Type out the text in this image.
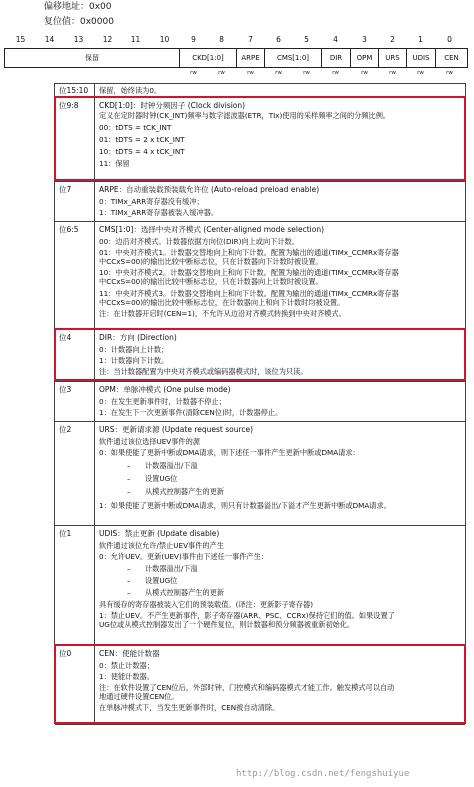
偏移地址：0x00
复位值：0x0000
15	14	13	12	11	10	9	8	7	6	5	4	3	2	1	0
保留	CKD[1:0]	ARPE	CMS[1:0]	DIR	OPM	URS	UDIS	CEN
rw	rw	rw	rw	rw	rw	rw	rw	rw	rw
位15:10 保留，始终读为0。
位9:8	CKD[1:0]：时钟分频因子 (Clock division)
定义在定时器时钟(CK_INT)频率与数字滤波器(ETR，TIx)使用的采样频率之间的分频比例。
00：tDTS = tCK_INT
01：tDTS = 2 x tCK_INT
10：tDTS = 4 x tCK_INT
11：保留
位7	ARPE：自动重装载预装载允许位 (Auto-reload preload enable)
0：TIMx_ARR寄存器没有缓冲；
1：TIMx_ARR寄存器被装入缓冲器。
位6:5	CMS[1:0]：选择中央对齐模式 (Center-aligned mode selection)
00：边沿对齐模式。计数器依据方向位(DIR)向上或向下计数。
01：中央对齐模式1。计数器交替地向上和向下计数。配置为输出的通道(TIMx_CCMRx寄存器
中CCxS=00)的输出比较中断标志位，只在计数器向下计数时被设置。
10：中央对齐模式2。计数器交替地向上和向下计数。配置为输出的通道(TIMx_CCMRx寄存器
中CCxS=00)的输出比较中断标志位，只在计数器向上计数时被设置。
11：中央对齐模式3。计数器交替地向上和向下计数。配置为输出的通道(TIMx_CCMRx寄存器
中CCxS=00)的输出比较中断标志位，在计数器向上和向下计数时均被设置。
注：在计数器开启时(CEN=1)，不允许从边沿对齐模式转换到中央对齐模式。
位4	DIR：方向 (Direction)
0：计数器向上计数；
1：计数器向下计数。
注：当计数器配置为中央对齐模式或编码器模式时，该位为只读。
位3	OPM：单脉冲模式 (One pulse mode)
0：在发生更新事件时，计数器不停止；
1：在发生下一次更新事件(清除CEN位)时，计数器停止。
位2	URS：更新请求源 (Update request source)
软件通过该位选择UEV事件的源
0：如果使能了更新中断或DMA请求，则下述任一事件产生更新中断或DMA请求：
–　　计数器溢出/下溢
–　　设置UG位
–　　从模式控制器产生的更新
1：如果使能了更新中断或DMA请求，则只有计数器溢出/下溢才产生更新中断或DMA请求。
位1	UDIS：禁止更新 (Update disable)
软件通过该位允许/禁止UEV事件的产生
0：允许UEV。更新(UEV)事件由下述任一事件产生：
–　　计数器溢出/下溢
–　　设置UG位
–　　从模式控制器产生的更新
具有缓存的寄存器被装入它们的预装载值。(译注：更新影子寄存器)
1：禁止UEV。不产生更新事件，影子寄存器(ARR、PSC、CCRx)保持它们的值。如果设置了
UG位或从模式控制器发出了一个硬件复位，则计数器和预分频器被重新初始化。
位0	CEN：使能计数器
0：禁止计数器；
1：使能计数器。
注：在软件设置了CEN位后，外部时钟、门控模式和编码器模式才能工作。触发模式可以自动
地通过硬件设置CEN位。
在单脉冲模式下，当发生更新事件时，CEN被自动清除。
http://blog.csdn.net/fengshuiyue
